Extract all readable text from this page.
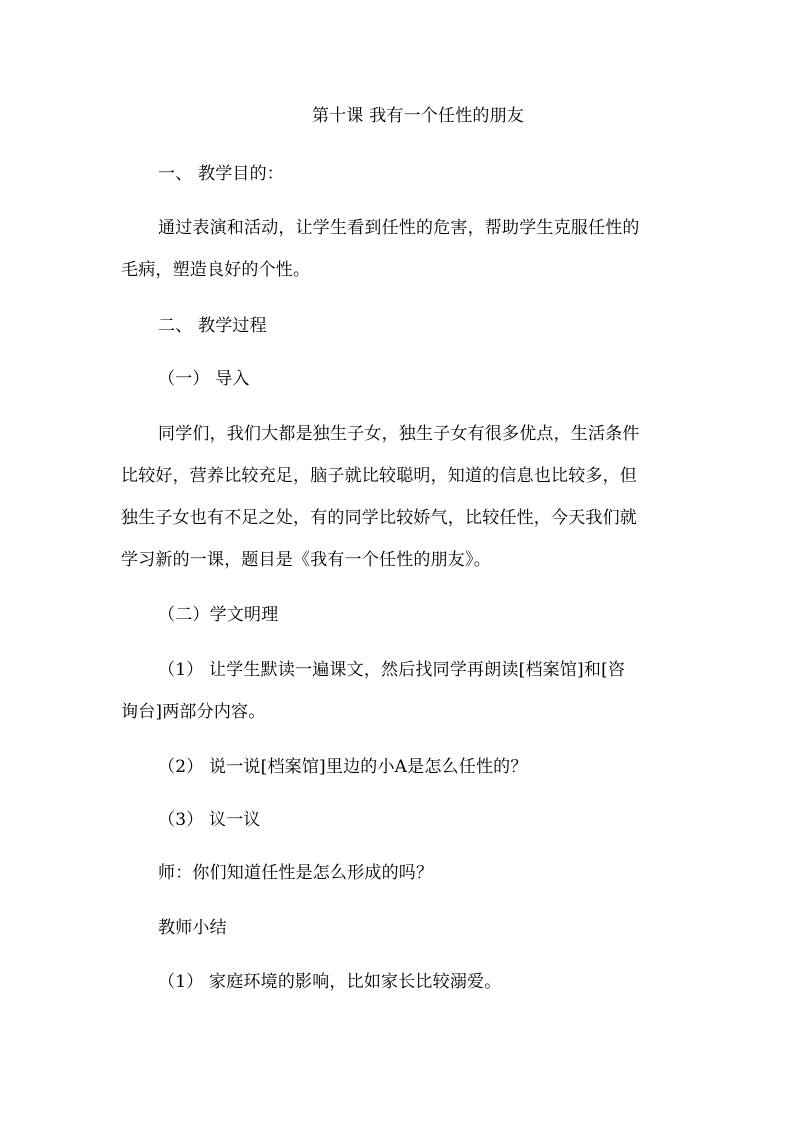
第十课 我有一个任性的朋友
一、 教学目的：
通过表演和活动，让学生看到任性的危害，帮助学生克服任性的
毛病，塑造良好的个性。
二、 教学过程
（一） 导入
同学们，我们大都是独生子女，独生子女有很多优点，生活条件
比较好，营养比较充足，脑子就比较聪明，知道的信息也比较多，但
独生子女也有不足之处，有的同学比较娇气，比较任性，今天我们就
学习新的一课，题目是《我有一个任性的朋友》。
（二）学文明理
（1） 让学生默读一遍课文，然后找同学再朗读[档案馆]和[咨
询台]两部分内容。
（2） 说一说[档案馆]里边的小A是怎么任性的？
（3） 议一议
师：你们知道任性是怎么形成的吗？
教师小结
（1） 家庭环境的影响，比如家长比较溺爱。
